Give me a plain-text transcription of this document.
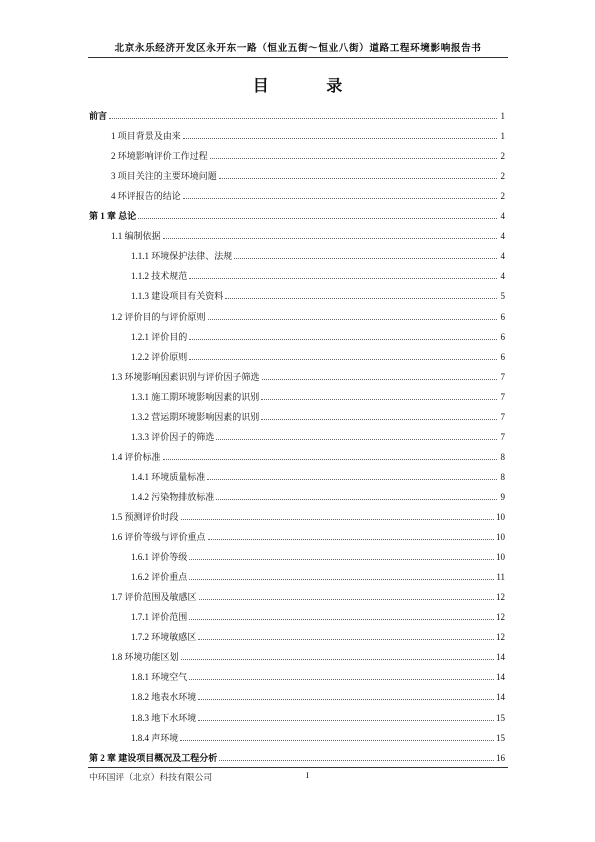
北京永乐经济开发区永开东一路（恒业五街～恒业八街）道路工程环境影响报告书
目 录
前言	1
1 项目背景及由来	1
2 环境影响评价工作过程	2
3 项目关注的主要环境问题	2
4 环评报告的结论	2
第 1 章 总论	4
1.1 编制依据	4
1.1.1 环境保护法律、法规	4
1.1.2 技术规范	4
1.1.3 建设项目有关资料	5
1.2 评价目的与评价原则	6
1.2.1 评价目的	6
1.2.2 评价原则	6
1.3 环境影响因素识别与评价因子筛选	7
1.3.1 施工期环境影响因素的识别	7
1.3.2 营运期环境影响因素的识别	7
1.3.3 评价因子的筛选	7
1.4 评价标准	8
1.4.1 环境质量标准	8
1.4.2 污染物排放标准	9
1.5 预测评价时段	10
1.6 评价等级与评价重点	10
1.6.1 评价等级	10
1.6.2 评价重点	11
1.7 评价范围及敏感区	12
1.7.1 评价范围	12
1.7.2 环境敏感区	12
1.8 环境功能区划	14
1.8.1 环境空气	14
1.8.2 地表水环境	14
1.8.3 地下水环境	15
1.8.4 声环境	15
第 2 章 建设项目概况及工程分析	16
中环国评（北京）科技有限公司	I
